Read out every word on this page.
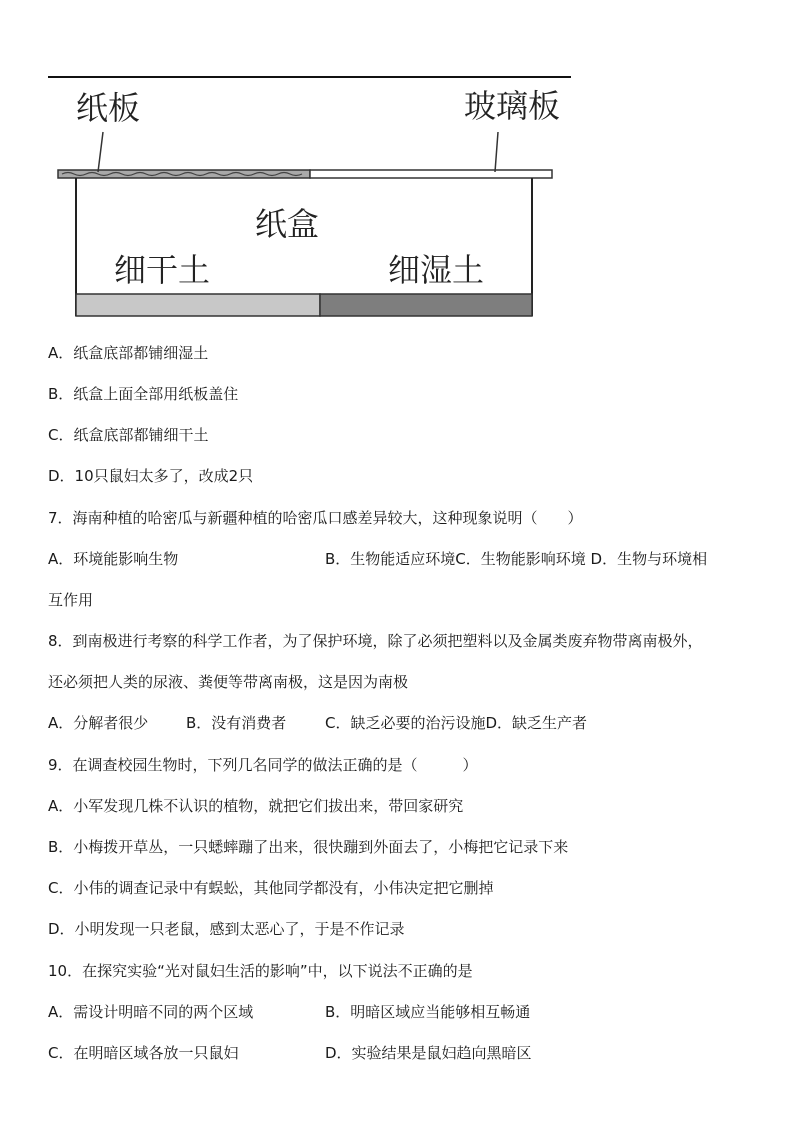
纸板	玻璃板
纸盒
细干土	细湿土
A．纸盒底部都铺细湿土
B．纸盒上面全部用纸板盖住
C．纸盒底部都铺细干土
D．10只鼠妇太多了，改成2只
7．海南种植的哈密瓜与新疆种植的哈密瓜口感差异较大，这种现象说明（　　）
A．环境能影响生物	B．生物能适应环境C．生物能影响环境 D．生物与环境相
互作用
8．到南极进行考察的科学工作者，为了保护环境，除了必须把塑料以及金属类废弃物带离南极外，
还必须把人类的尿液、粪便等带离南极，这是因为南极
A．分解者很少	B．没有消费者	C．缺乏必要的治污设施D．缺乏生产者
9．在调查校园生物时，下列几名同学的做法正确的是（　　　）
A．小军发现几株不认识的植物，就把它们拔出来，带回家研究
B．小梅拨开草丛，一只蟋蟀蹦了出来，很快蹦到外面去了，小梅把它记录下来
C．小伟的调查记录中有蜈蚣，其他同学都没有，小伟决定把它删掉
D．小明发现一只老鼠，感到太恶心了，于是不作记录
10．在探究实验“光对鼠妇生活的影响”中，以下说法不正确的是
A．需设计明暗不同的两个区域	B．明暗区域应当能够相互畅通
C．在明暗区域各放一只鼠妇	D．实验结果是鼠妇趋向黑暗区
